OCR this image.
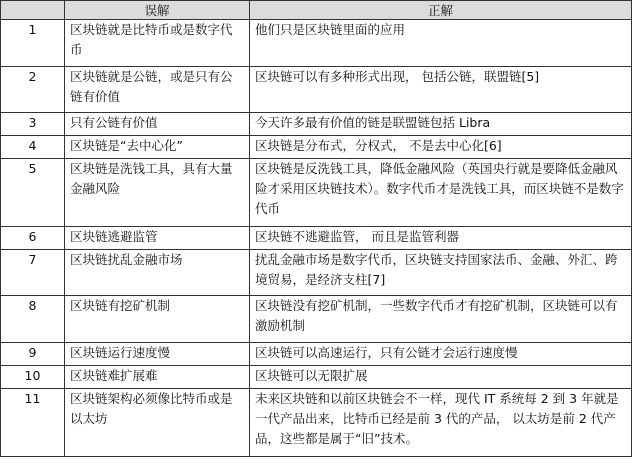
	误解	正解
1	区块链就是比特币或是数字代币	他们只是区块链里面的应用
2	区块链就是公链，或是只有公链有价值	区块链可以有多种形式出现， 包括公链，联盟链[5]
3	只有公链有价值	今天许多最有价值的链是联盟链包括 Libra
4	区块链是“去中心化”	区块链是分布式，分权式， 不是去中心化[6]
5	区块链是洗钱工具，具有大量金融风险	区块链是反洗钱工具，降低金融风险（英国央行就是要降低金融风险才采用区块链技术）。数字代币才是洗钱工具，而区块链不是数字代币
6	区块链逃避监管	区块链不逃避监管， 而且是监管利器
7	区块链扰乱金融市场	扰乱金融市场是数字代币，区块链支持国家法币、金融、外汇、跨境贸易，是经济支柱[7]
8	区块链有挖矿机制	区块链没有挖矿机制，一些数字代币才有挖矿机制，区块链可以有激励机制
9	区块链运行速度慢	区块链可以高速运行，只有公链才会运行速度慢
10	区块链难扩展难	区块链可以无限扩展
11	区块链架构必须像比特币或是以太坊	未来区块链和以前区块链会不一样，现代 IT 系统每 2 到 3 年就是一代产品出来，比特币已经是前 3 代的产品， 以太坊是前 2 代产品，这些都是属于“旧”技术。
